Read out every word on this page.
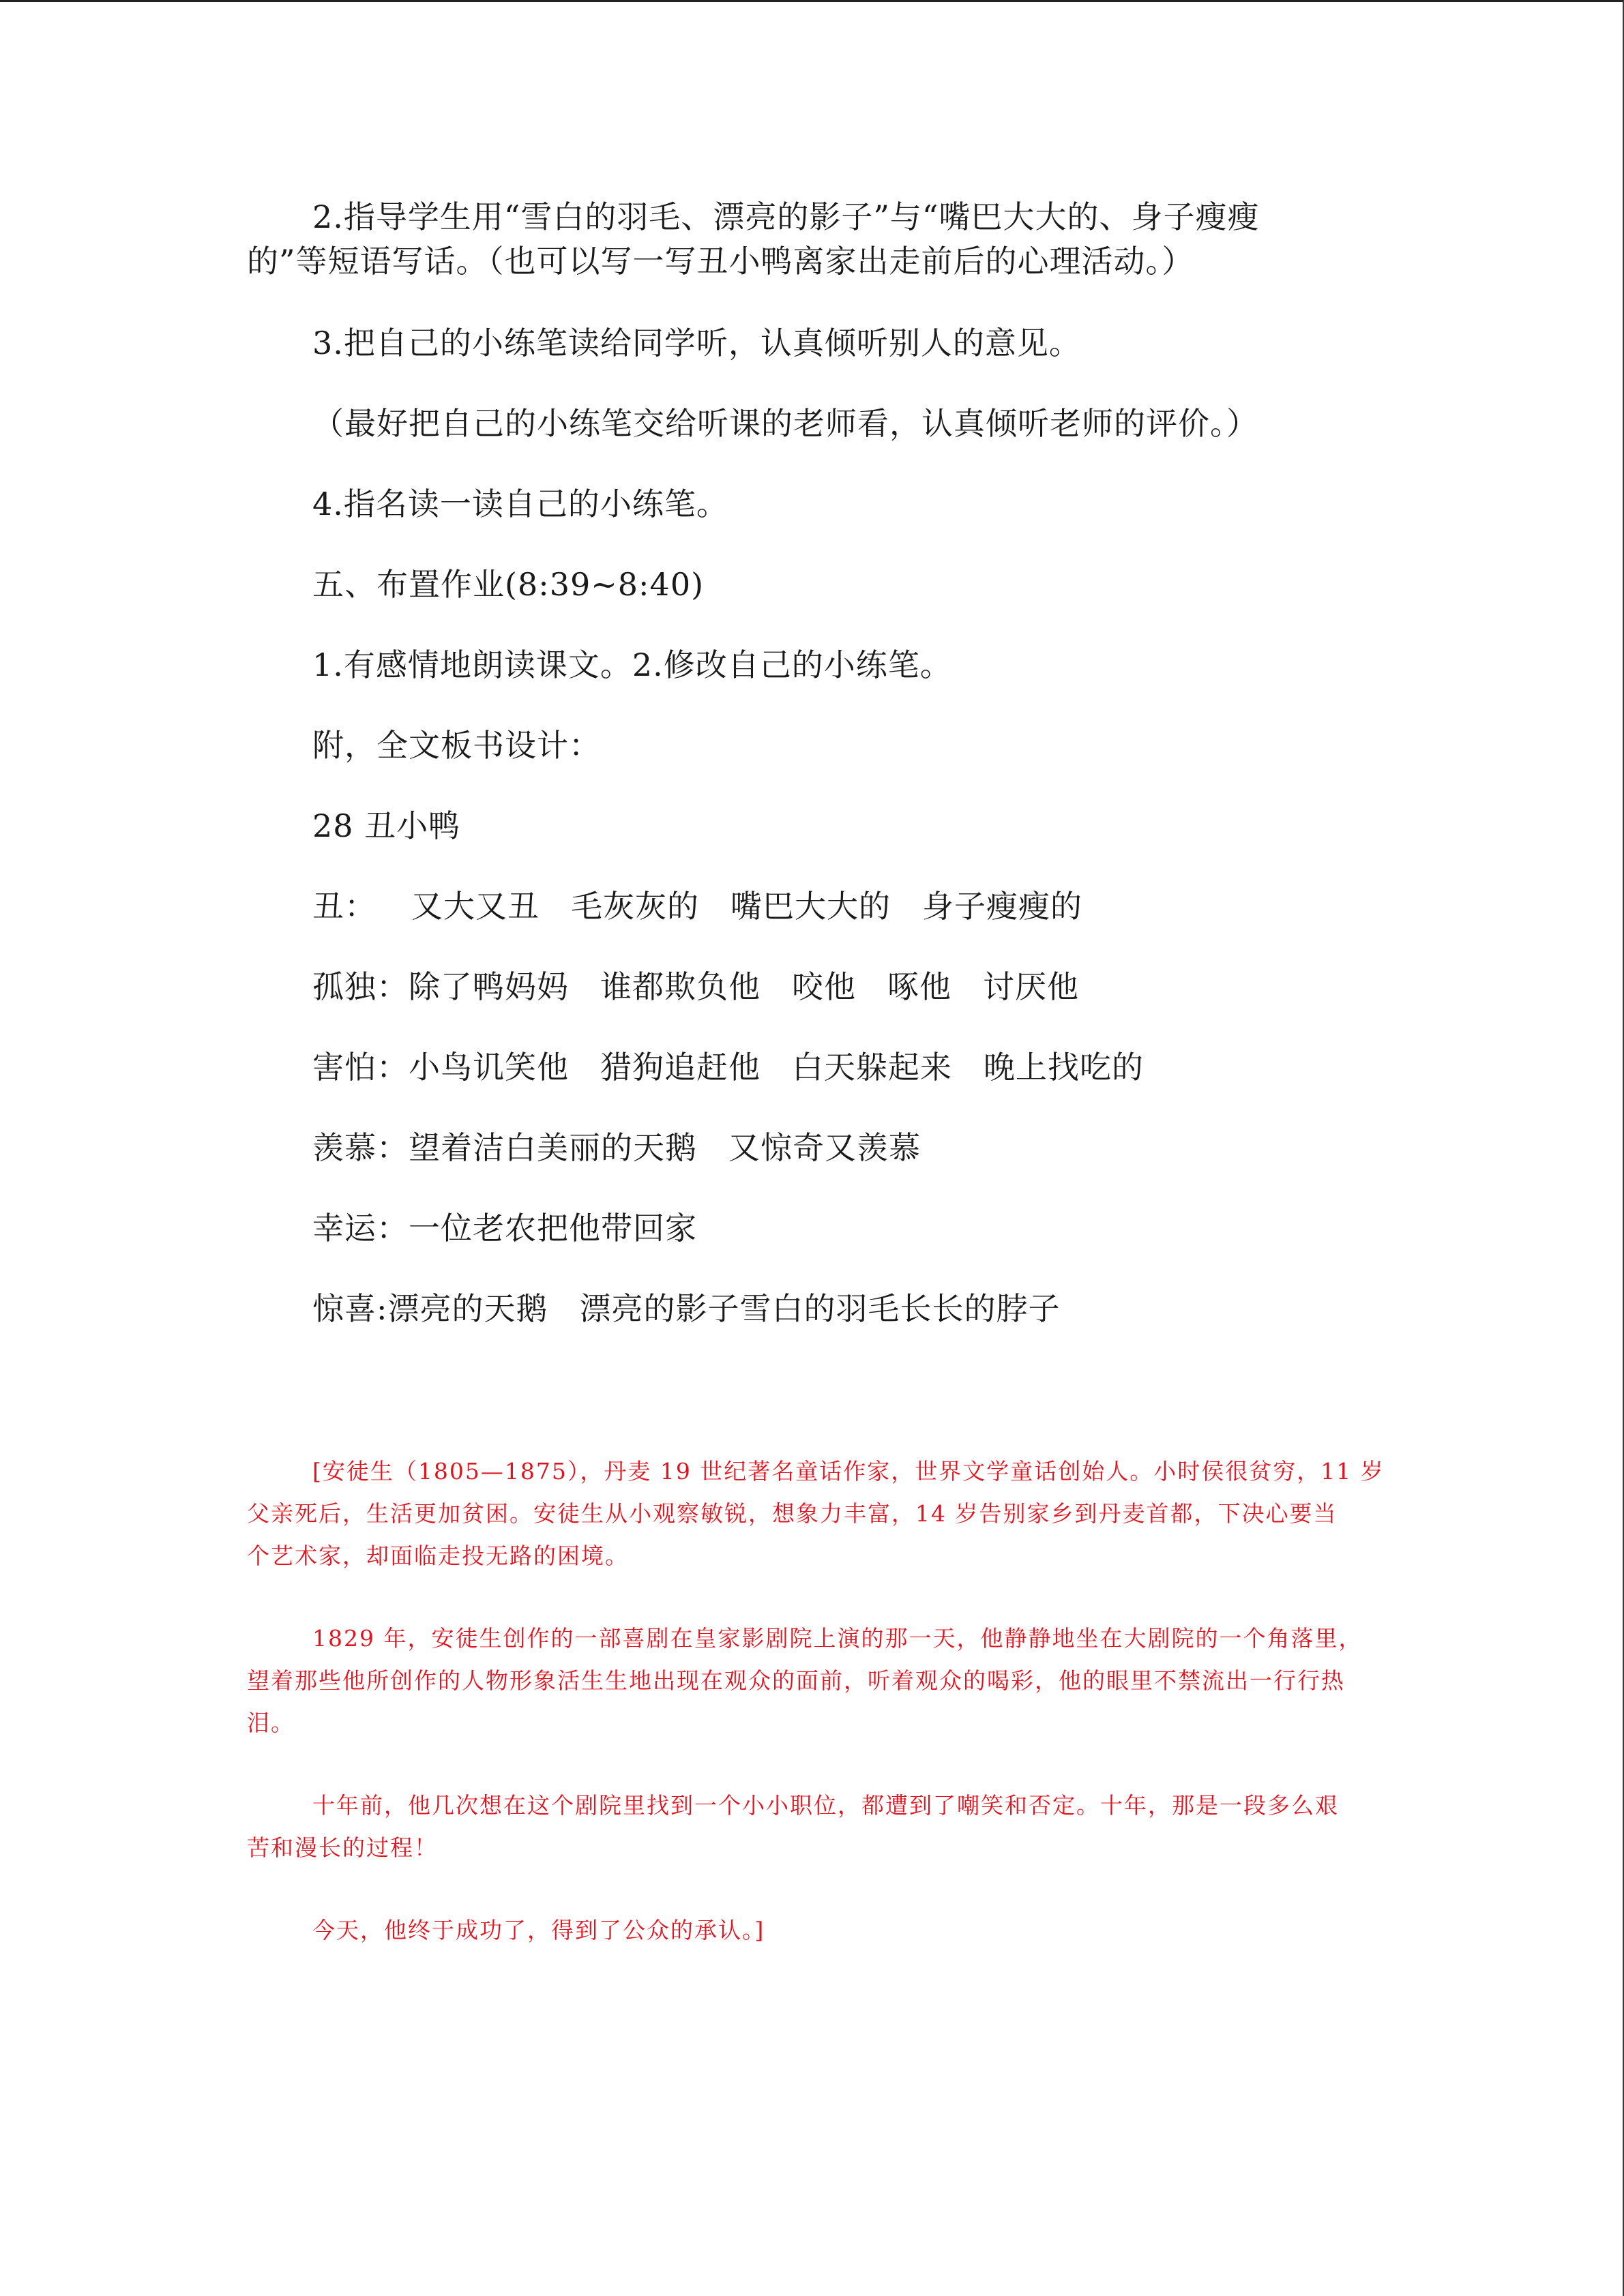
2.指导学生用“雪白的羽毛、漂亮的影子”与“嘴巴大大的、身子瘦瘦
的”等短语写话。（也可以写一写丑小鸭离家出走前后的心理活动。）
3.把自己的小练笔读给同学听，认真倾听别人的意见。
（最好把自己的小练笔交给听课的老师看，认真倾听老师的评价。）
4.指名读一读自己的小练笔。
五、布置作业(8:39~8:40)
1.有感情地朗读课文。2.修改自己的小练笔。
附，全文板书设计：
28 丑小鸭
丑：	又大又丑 毛灰灰的 嘴巴大大的 身子瘦瘦的
孤独： 除了鸭妈妈 谁都欺负他 咬他 啄他 讨厌他
害怕： 小鸟讥笑他 猎狗追赶他 白天躲起来 晚上找吃的
羡慕： 望着洁白美丽的天鹅 又惊奇又羡慕
幸运： 一位老农把他带回家
惊喜: 漂亮的天鹅 漂亮的影子雪白的羽毛长长的脖子
[安徒生（1805—1875），丹麦 19 世纪著名童话作家，世界文学童话创始人。小时侯很贫穷，11 岁
父亲死后，生活更加贫困。安徒生从小观察敏锐，想象力丰富，14 岁告别家乡到丹麦首都，下决心要当
个艺术家，却面临走投无路的困境。
1829 年，安徒生创作的一部喜剧在皇家影剧院上演的那一天，他静静地坐在大剧院的一个角落里，
望着那些他所创作的人物形象活生生地出现在观众的面前，听着观众的喝彩，他的眼里不禁流出一行行热
泪。
十年前，他几次想在这个剧院里找到一个小小职位，都遭到了嘲笑和否定。十年，那是一段多么艰
苦和漫长的过程！
今天，他终于成功了，得到了公众的承认。]
